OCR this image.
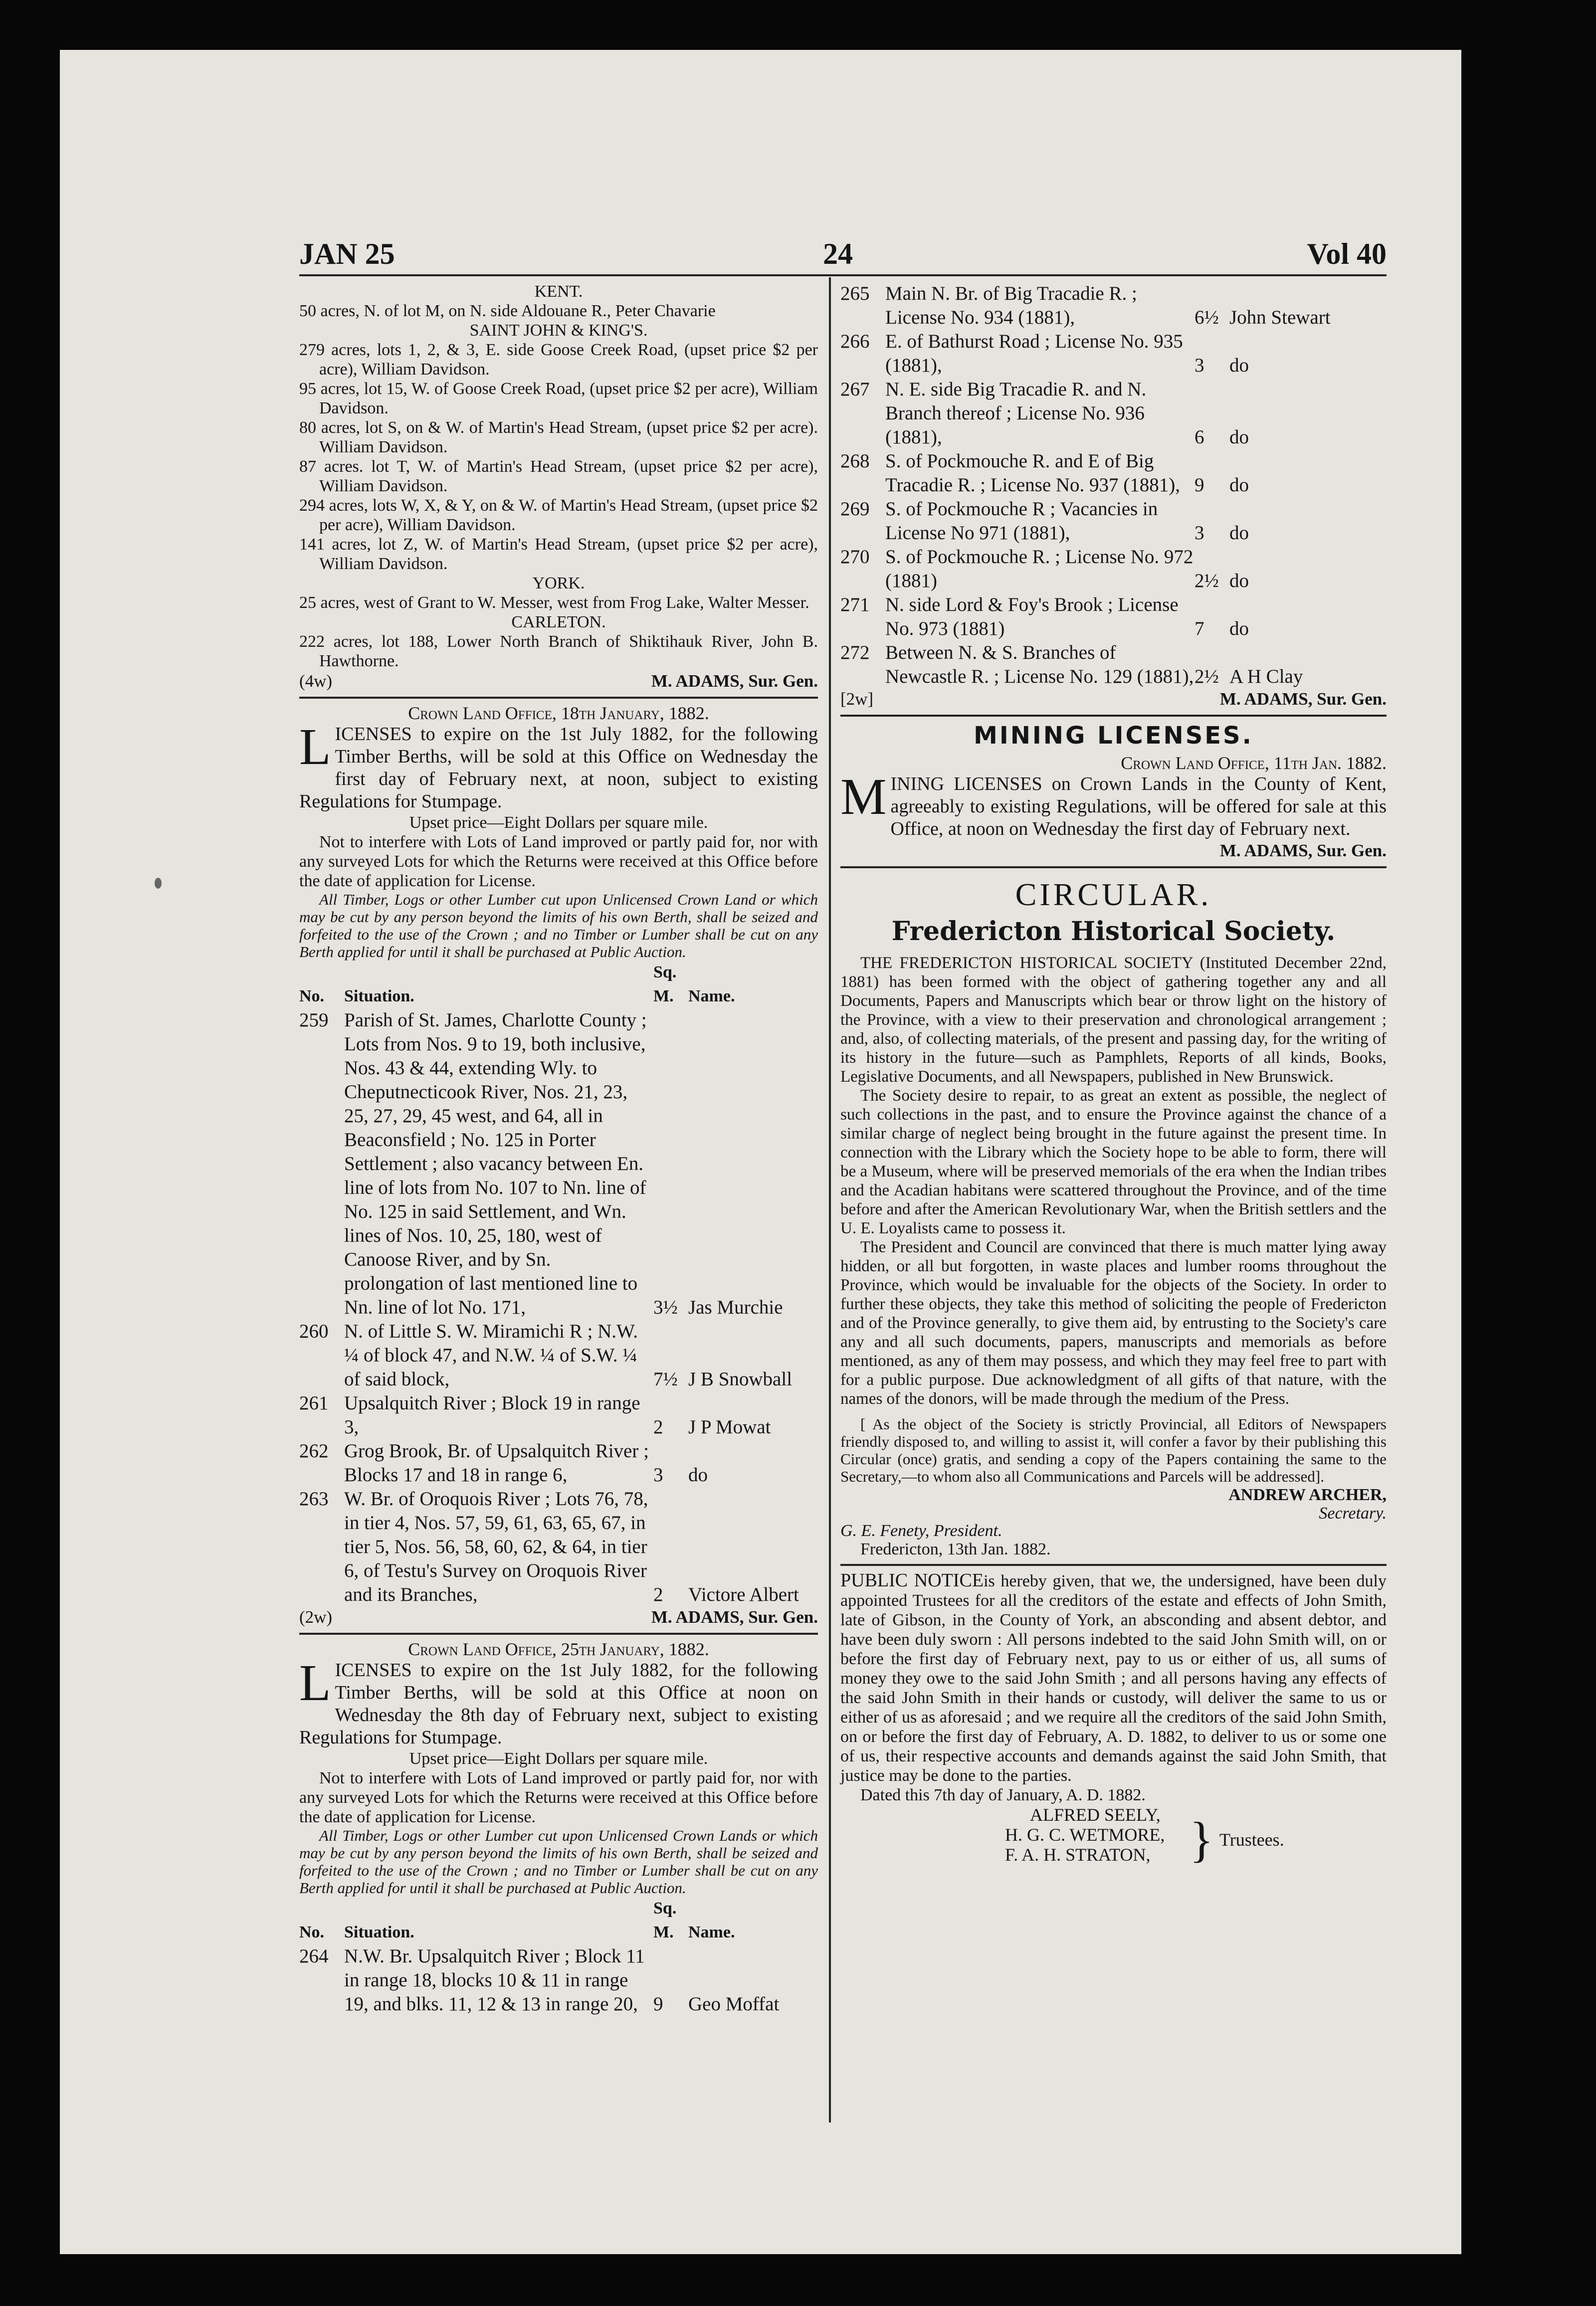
JAN 25	24	Vol 40

KENT.

50 acres, N. of lot M, on N. side Aldouane R., Peter Chavarie

SAINT JOHN & KING'S.

279 acres, lots 1, 2, & 3, E. side Goose Creek Road, (upset price $2 per acre), William Davidson.

95 acres, lot 15, W. of Goose Creek Road, (upset price $2 per acre), William Davidson.

80 acres, lot S, on & W. of Martin's Head Stream, (upset price $2 per acre). William Davidson.

87 acres. lot T, W. of Martin's Head Stream, (upset price $2 per acre), William Davidson.

294 acres, lots W, X, & Y, on & W. of Martin's Head Stream, (upset price $2 per acre), William Davidson.

141 acres, lot Z, W. of Martin's Head Stream, (upset price $2 per acre), William Davidson.

YORK.

25 acres, west of Grant to W. Messer, west from Frog Lake, Walter Messer.

CARLETON.

222 acres, lot 188, Lower North Branch of Shiktihauk River, John B. Hawthorne.

(4w)	M. ADAMS, Sur. Gen.

Crown Land Office, 18th January, 1882.

LICENSES to expire on the 1st July 1882, for the following Timber Berths, will be sold at this Office on Wednesday the first day of February next, at noon, subject to existing Regulations for Stumpage.

Upset price—Eight Dollars per square mile.

Not to interfere with Lots of Land improved or partly paid for, nor with any surveyed Lots for which the Returns were received at this Office before the date of application for License.

All Timber, Logs or other Lumber cut upon Unlicensed Crown Land or which may be cut by any person beyond the limits of his own Berth, shall be seized and forfeited to the use of the Crown ; and no Timber or Lumber shall be cut on any Berth applied for until it shall be purchased at Public Auction.

No.	Situation.	Sq. M.	Name.
259	Parish of St. James, Charlotte County ; Lots from Nos. 9 to 19, both inclusive, Nos. 43 & 44, extending Wly. to Cheputnecticook River, Nos. 21, 23, 25, 27, 29, 45 west, and 64, all in Beaconsfield ; No. 125 in Porter Settlement ; also vacancy between En. line of lots from No. 107 to Nn. line of No. 125 in said Settlement, and Wn. lines of Nos. 10, 25, 180, west of Canoose River, and by Sn. prolongation of last mentioned line to Nn. line of lot No. 171,	3½	Jas Murchie
260	N. of Little S. W. Miramichi R ; N.W. ¼ of block 47, and N.W. ¼ of S.W. ¼ of said block,	7½	J B Snowball
261	Upsalquitch River ; Block 19 in range 3,	2	J P Mowat
262	Grog Brook, Br. of Upsalquitch River ; Blocks 17 and 18 in range 6,	3	do
263	W. Br. of Oroquois River ; Lots 76, 78, in tier 4, Nos. 57, 59, 61, 63, 65, 67, in tier 5, Nos. 56, 58, 60, 62, & 64, in tier 6, of Testu's Survey on Oroquois River and its Branches,	2	Victore Albert
(2w)	M. ADAMS, Sur. Gen.

Crown Land Office, 25th January, 1882.

LICENSES to expire on the 1st July 1882, for the following Timber Berths, will be sold at this Office at noon on Wednesday the 8th day of February next, subject to existing Regulations for Stumpage.

Upset price—Eight Dollars per square mile.

Not to interfere with Lots of Land improved or partly paid for, nor with any surveyed Lots for which the Returns were received at this Office before the date of application for License.

All Timber, Logs or other Lumber cut upon Unlicensed Crown Lands or which may be cut by any person beyond the limits of his own Berth, shall be seized and forfeited to the use of the Crown ; and no Timber or Lumber shall be cut on any Berth applied for until it shall be purchased at Public Auction.

No.	Situation.	Sq. M.	Name.
264	N.W. Br. Upsalquitch River ; Block 11 in range 18, blocks 10 & 11 in range 19, and blks. 11, 12 & 13 in range 20,	9	Geo Moffat
265	Main N. Br. of Big Tracadie R. ; License No. 934 (1881),	6½	John Stewart
266	E. of Bathurst Road ; License No. 935 (1881),	3	do
267	N. E. side Big Tracadie R. and N. Branch thereof ; License No. 936 (1881),	6	do
268	S. of Pockmouche R. and E of Big Tracadie R. ; License No. 937 (1881),	9	do
269	S. of Pockmouche R ; Vacancies in License No 971 (1881),	3	do
270	S. of Pockmouche R. ; License No. 972 (1881)	2½	do
271	N. side Lord & Foy's Brook ; License No. 973 (1881)	7	do
272	Between N. & S. Branches of Newcastle R. ; License No. 129 (1881),	2½	A H Clay
[2w]	M. ADAMS, Sur. Gen.
MINING LICENSES.

Crown Land Office, 11th Jan. 1882.

MINING LICENSES on Crown Lands in the County of Kent, agreeably to existing Regulations, will be offered for sale at this Office, at noon on Wednesday the first day of February next.

M. ADAMS, Sur. Gen.
CIRCULAR.
Fredericton Historical Society.

THE FREDERICTON HISTORICAL SOCIETY (Instituted December 22nd, 1881) has been formed with the object of gathering together any and all Documents, Papers and Manuscripts which bear or throw light on the history of the Province, with a view to their preservation and chronological arrangement ; and, also, of collecting materials, of the present and passing day, for the writing of its history in the future—such as Pamphlets, Reports of all kinds, Books, Legislative Documents, and all Newspapers, published in New Brunswick.

The Society desire to repair, to as great an extent as possible, the neglect of such collections in the past, and to ensure the Province against the chance of a similar charge of neglect being brought in the future against the present time. In connection with the Library which the Society hope to be able to form, there will be a Museum, where will be preserved memorials of the era when the Indian tribes and the Acadian habitans were scattered throughout the Province, and of the time before and after the American Revolutionary War, when the British settlers and the U. E. Loyalists came to possess it.

The President and Council are convinced that there is much matter lying away hidden, or all but forgotten, in waste places and lumber rooms throughout the Province, which would be invaluable for the objects of the Society. In order to further these objects, they take this method of soliciting the people of Fredericton and of the Province generally, to give them aid, by entrusting to the Society's care any and all such documents, papers, manuscripts and memorials as before mentioned, as any of them may possess, and which they may feel free to part with for a public purpose. Due acknowledgment of all gifts of that nature, with the names of the donors, will be made through the medium of the Press.

[ As the object of the Society is strictly Provincial, all Editors of Newspapers friendly disposed to, and willing to assist it, will confer a favor by their publishing this Circular (once) gratis, and sending a copy of the Papers containing the same to the Secretary,—to whom also all Communications and Parcels will be addressed].

ANDREW ARCHER,

Secretary.

G. E. Fenety, President.

Fredericton, 13th Jan. 1882.

PUBLIC NOTICEis hereby given, that we, the undersigned, have been duly appointed Trustees for all the creditors of the estate and effects of John Smith, late of Gibson, in the County of York, an absconding and absent debtor, and have been duly sworn : All persons indebted to the said John Smith will, on or before the first day of February next, pay to us or either of us, all sums of money they owe to the said John Smith ; and all persons having any effects of the said John Smith in their hands or custody, will deliver the same to us or either of us as aforesaid ; and we require all the creditors of the said John Smith, on or before the first day of February, A. D. 1882, to deliver to us or some one of us, their respective accounts and demands against the said John Smith, that justice may be done to the parties.

Dated this 7th day of January, A. D. 1882.

ALFRED SEELY,
H. G. C. WETMORE,
F. A. H. STRATON, } Trustees.
